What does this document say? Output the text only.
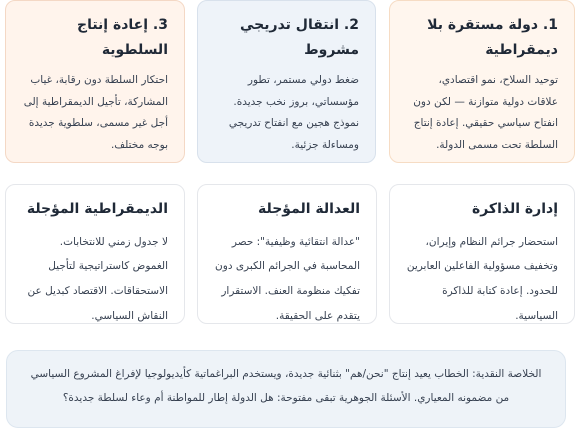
1. دولة مستقرة بلا ديمقراطية

توحيد السلاح، نمو اقتصادي، علاقات دولية متوازنة — لكن دون انفتاح سياسي حقيقي. إعادة إنتاج السلطة تحت مسمى الدولة.

2. انتقال تدريجي مشروط

ضغط دولي مستمر، تطور مؤسساتي، بروز نخب جديدة. نموذج هجين مع انفتاح تدريجي ومساءلة جزئية.

3. إعادة إنتاج السلطوية

احتكار السلطة دون رقابة، غياب المشاركة، تأجيل الديمقراطية إلى أجل غير مسمى، سلطوية جديدة بوجه مختلف.

إدارة الذاكرة

استحضار جرائم النظام وإيران، وتخفيف مسؤولية الفاعلين العابرين للحدود. إعادة كتابة للذاكرة السياسية.

العدالة المؤجلة

"عدالة انتقائية وظيفية": حصر المحاسبة في الجرائم الكبرى دون تفكيك منظومة العنف. الاستقرار يتقدم على الحقيقة.

الديمقراطية المؤجلة

لا جدول زمني للانتخابات. الغموض كاستراتيجية لتأجيل الاستحقاقات. الاقتصاد كبديل عن النقاش السياسي.

الخلاصة النقدية: الخطاب يعيد إنتاج "نحن/هم" بثنائية جديدة، ويستخدم البراغماتية كأيديولوجيا لإفراغ المشروع السياسي من مضمونه المعياري. الأسئلة الجوهرية تبقى مفتوحة: هل الدولة إطار للمواطنة أم وعاء لسلطة جديدة؟
